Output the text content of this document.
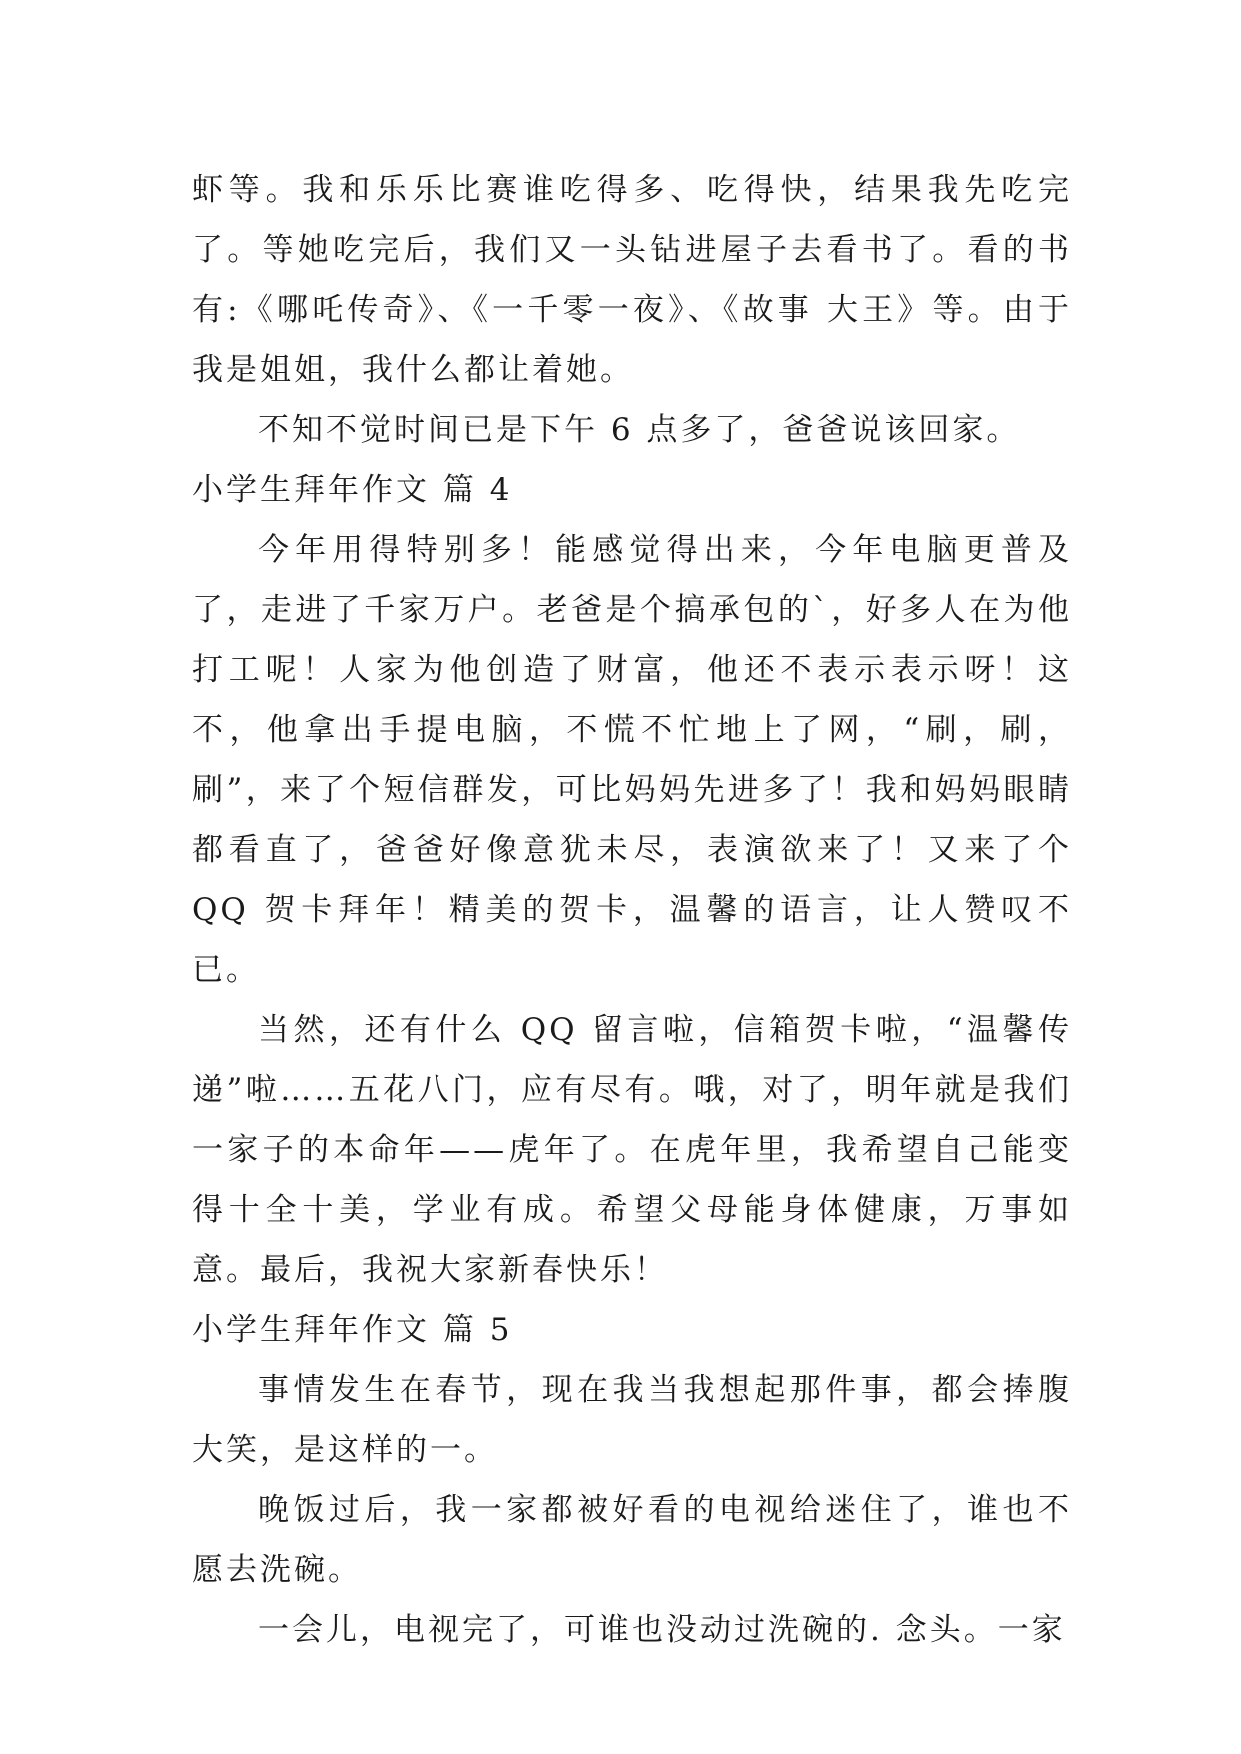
虾等。我和乐乐比赛谁吃得多、吃得快，结果我先吃完了。等她吃完后，我们又一头钻进屋子去看书了。看的书有:《哪吒传奇》、《一千零一夜》、《故事 大王》等。由于我是姐姐，我什么都让着她。

不知不觉时间已是下午 6 点多了，爸爸说该回家。

小学生拜年作文 篇 4

今年用得特别多！能感觉得出来，今年电脑更普及了，走进了千家万户。老爸是个搞承包的`，好多人在为他打工呢！人家为他创造了财富，他还不表示表示呀！这不，他拿出手提电脑，不慌不忙地上了网，“刷，刷，刷”，来了个短信群发，可比妈妈先进多了！我和妈妈眼睛都看直了，爸爸好像意犹未尽，表演欲来了！又来了个 QQ 贺卡拜年！精美的贺卡，温馨的语言，让人赞叹不已。

当然，还有什么 QQ 留言啦，信箱贺卡啦，“温馨传递”啦……五花八门，应有尽有。哦，对了，明年就是我们一家子的本命年——虎年了。在虎年里，我希望自己能变得十全十美，学业有成。希望父母能身体健康，万事如意。最后，我祝大家新春快乐！

小学生拜年作文 篇 5

事情发生在春节，现在我当我想起那件事，都会捧腹大笑，是这样的一。

晚饭过后，我一家都被好看的电视给迷住了，谁也不愿去洗碗。

一会儿，电视完了，可谁也没动过洗碗的. 念头。一家
